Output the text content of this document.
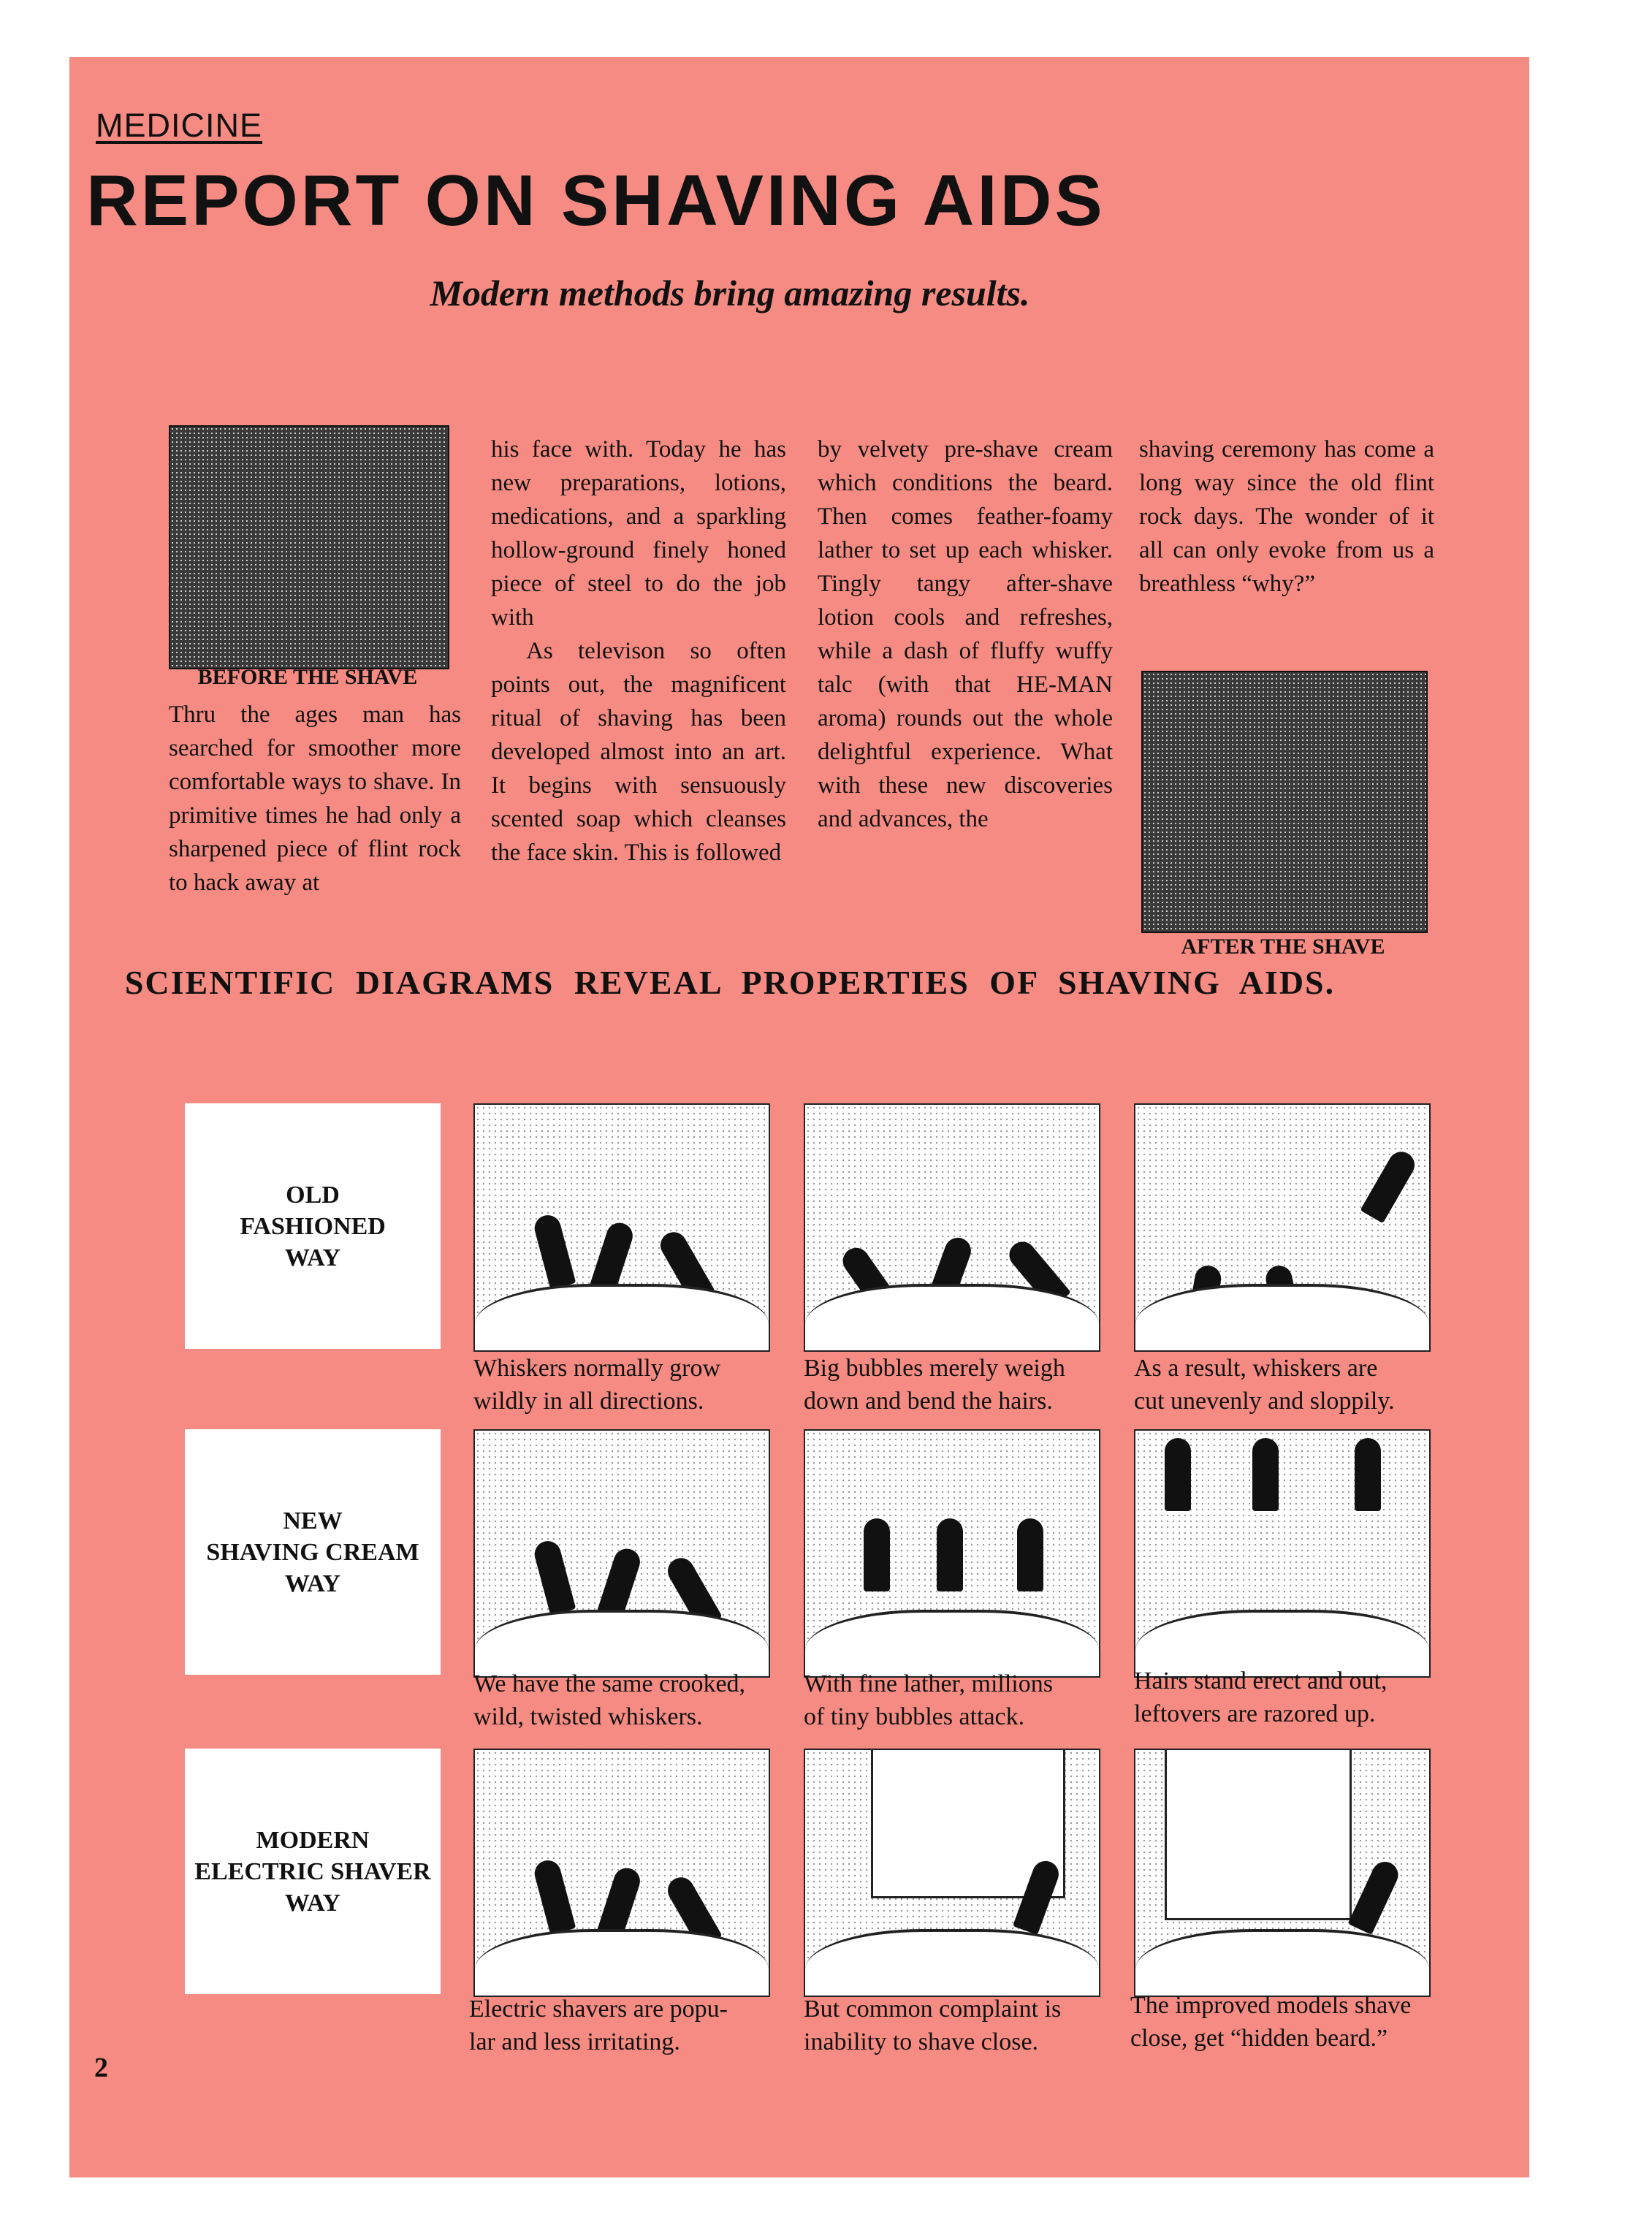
MEDICINE
REPORT ON SHAVING AIDS
Modern methods bring amazing results.
BEFORE THE SHAVE

Thru the ages man has searched for smoother more comfortable ways to shave. In primitive times he had only a sharpened piece of flint rock to hack away at

his face with. Today he has new preparations, lotions, medications, and a sparkling hollow-ground finely honed piece of steel to do the job with

As televison so often points out, the magnificent ritual of shaving has been developed almost into an art. It begins with sensuously scented soap which cleanses the face skin. This is followed

by velvety pre-shave cream which conditions the beard. Then comes feather-foamy lather to set up each whisker. Tingly tangy after-shave lotion cools and refreshes, while a dash of fluffy wuffy talc (with that HE-MAN aroma) rounds out the whole delightful experience. What with these new discoveries and advances, the

shaving ceremony has come a long way since the old flint rock days. The wonder of it all can only evoke from us a breathless “why?”

AFTER THE SHAVE
SCIENTIFIC DIAGRAMS REVEAL PROPERTIES OF SHAVING AIDS.
OLD
FASHIONED
WAY
Whiskers normally grow
wildly in all directions.
Big bubbles merely weigh
down and bend the hairs.
As a result, whiskers are
cut unevenly and sloppily.
NEW
SHAVING CREAM
WAY
We have the same crooked,
wild, twisted whiskers.
With fine lather, millions
of tiny bubbles attack.
Hairs stand erect and out,
leftovers are razored up.
MODERN
ELECTRIC SHAVER
WAY
Electric shavers are popu-
lar and less irritating.
But common complaint is
inability to shave close.
The improved models shave
close, get “hidden beard.”
2
